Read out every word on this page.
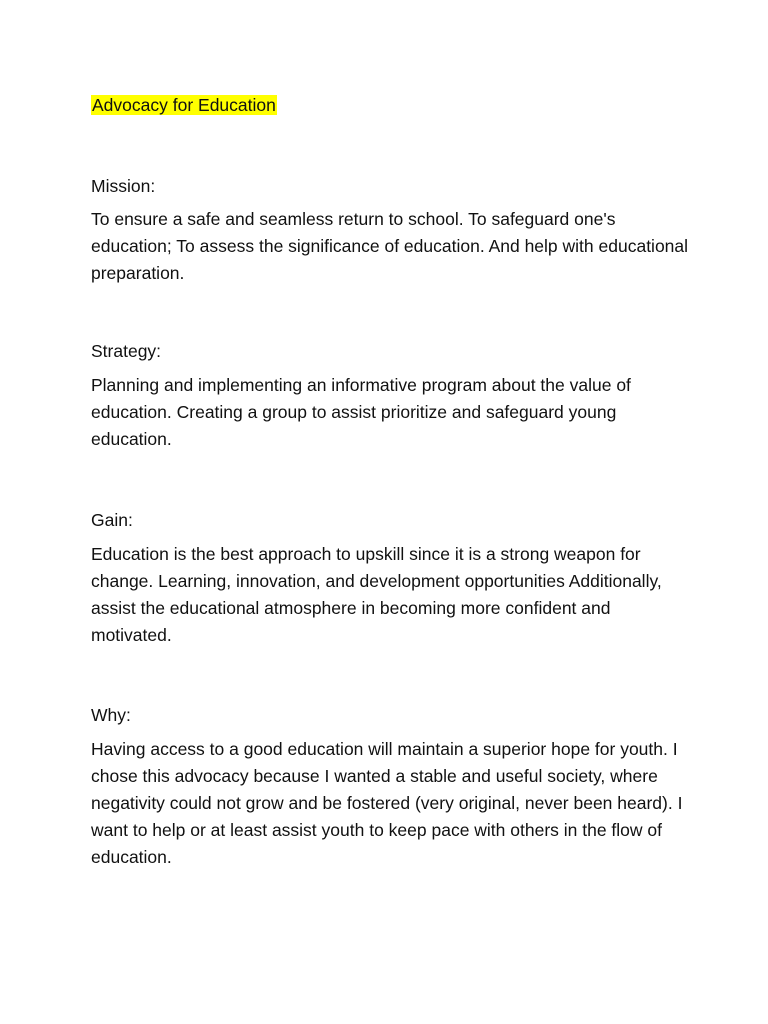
Advocacy for Education

Mission:

To ensure a safe and seamless return to school. To safeguard one's education; To assess the significance of education. And help with educational preparation.

Strategy:

Planning and implementing an informative program about the value of education. Creating a group to assist prioritize and safeguard young education.

Gain:

Education is the best approach to upskill since it is a strong weapon for change. Learning, innovation, and development opportunities Additionally, assist the educational atmosphere in becoming more confident and motivated.

Why:

Having access to a good education will maintain a superior hope for youth. I chose this advocacy because I wanted a stable and useful society, where negativity could not grow and be fostered (very original, never been heard). I want to help or at least assist youth to keep pace with others in the flow of education.
